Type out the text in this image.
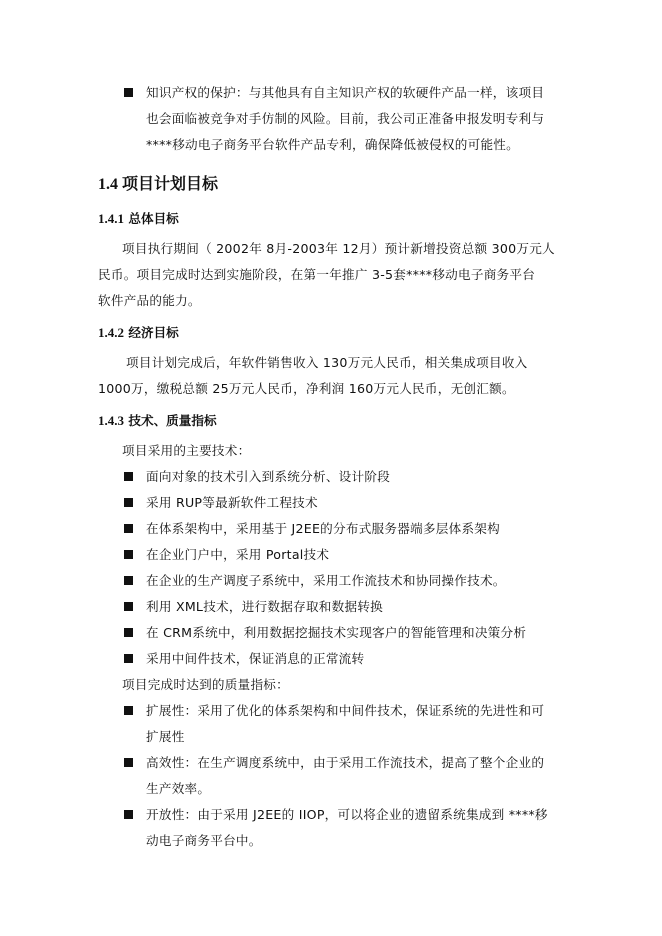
知识产权的保护：与其他具有自主知识产权的软硬件产品一样，该项目
也会面临被竞争对手仿制的风险。目前，我公司正准备申报发明专利与
****移动电子商务平台软件产品专利，确保降低被侵权的可能性。
1.4 项目计划目标
1.4.1 总体目标
项目执行期间（ 2002年 8月-2003年 12月）预计新增投资总额 300万元人
民币。项目完成时达到实施阶段，在第一年推广 3-5套****移动电子商务平台
软件产品的能力。
1.4.2 经济目标
项目计划完成后，年软件销售收入 130万元人民币，相关集成项目收入
1000万，缴税总额 25万元人民币，净利润 160万元人民币，无创汇额。
1.4.3 技术、质量指标
项目采用的主要技术：
面向对象的技术引入到系统分析、设计阶段
采用 RUP等最新软件工程技术
在体系架构中，采用基于 J2EE的分布式服务器端多层体系架构
在企业门户中，采用 Portal技术
在企业的生产调度子系统中，采用工作流技术和协同操作技术。
利用 XML技术，进行数据存取和数据转换
在 CRM系统中，利用数据挖掘技术实现客户的智能管理和决策分析
采用中间件技术，保证消息的正常流转
项目完成时达到的质量指标：
扩展性：采用了优化的体系架构和中间件技术，保证系统的先进性和可
扩展性
高效性：在生产调度系统中，由于采用工作流技术，提高了整个企业的
生产效率。
开放性：由于采用 J2EE的 IIOP，可以将企业的遗留系统集成到 ****移
动电子商务平台中。
